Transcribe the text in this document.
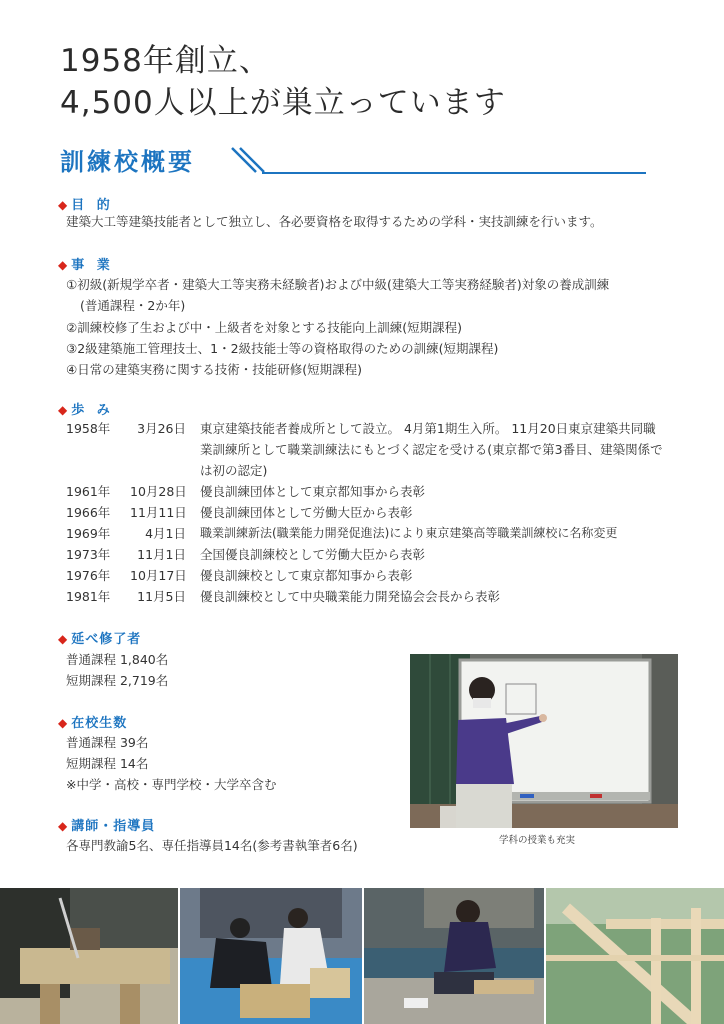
1958年創立、
4,500人以上が巣立っています
訓練校概要
◆ 目 的
建築大工等建築技能者として独立し、各必要資格を取得するための学科・実技訓練を行います。
◆ 事 業
①初級(新規学卒者・建築大工等実務未経験者)および中級(建築大工等実務経験者)対象の養成訓練
(普通課程・2か年)
②訓練校修了生および中・上級者を対象とする技能向上訓練(短期課程)
③2級建築施工管理技士、1・2級技能士等の資格取得のための訓練(短期課程)
④日常の建築実務に関する技術・技能研修(短期課程)
◆ 歩 み
1958年	3月26日	東京建築技能者養成所として設立。 4月第1期生入所。 11月20日東京建築共同職業訓練所として職業訓練法にもとづく認定を受ける(東京都で第3番目、建築関係では初の認定)
1961年	10月28日	優良訓練団体として東京都知事から表彰
1966年	11月11日	優良訓練団体として労働大臣から表彰
1969年	4月1日	職業訓練新法(職業能力開発促進法)により東京建築高等職業訓練校に名称変更
1973年	11月1日	全国優良訓練校として労働大臣から表彰
1976年	10月17日	優良訓練校として東京都知事から表彰
1981年	11月5日	優良訓練校として中央職業能力開発協会会長から表彰
◆ 延べ修了者
普通課程 1,840名
短期課程 2,719名
◆ 在校生数
普通課程 39名
短期課程 14名
※中学・高校・専門学校・大学卒含む
◆ 講師・指導員
各専門教諭5名、専任指導員14名(参考書執筆者6名)	学科の授業も充実
